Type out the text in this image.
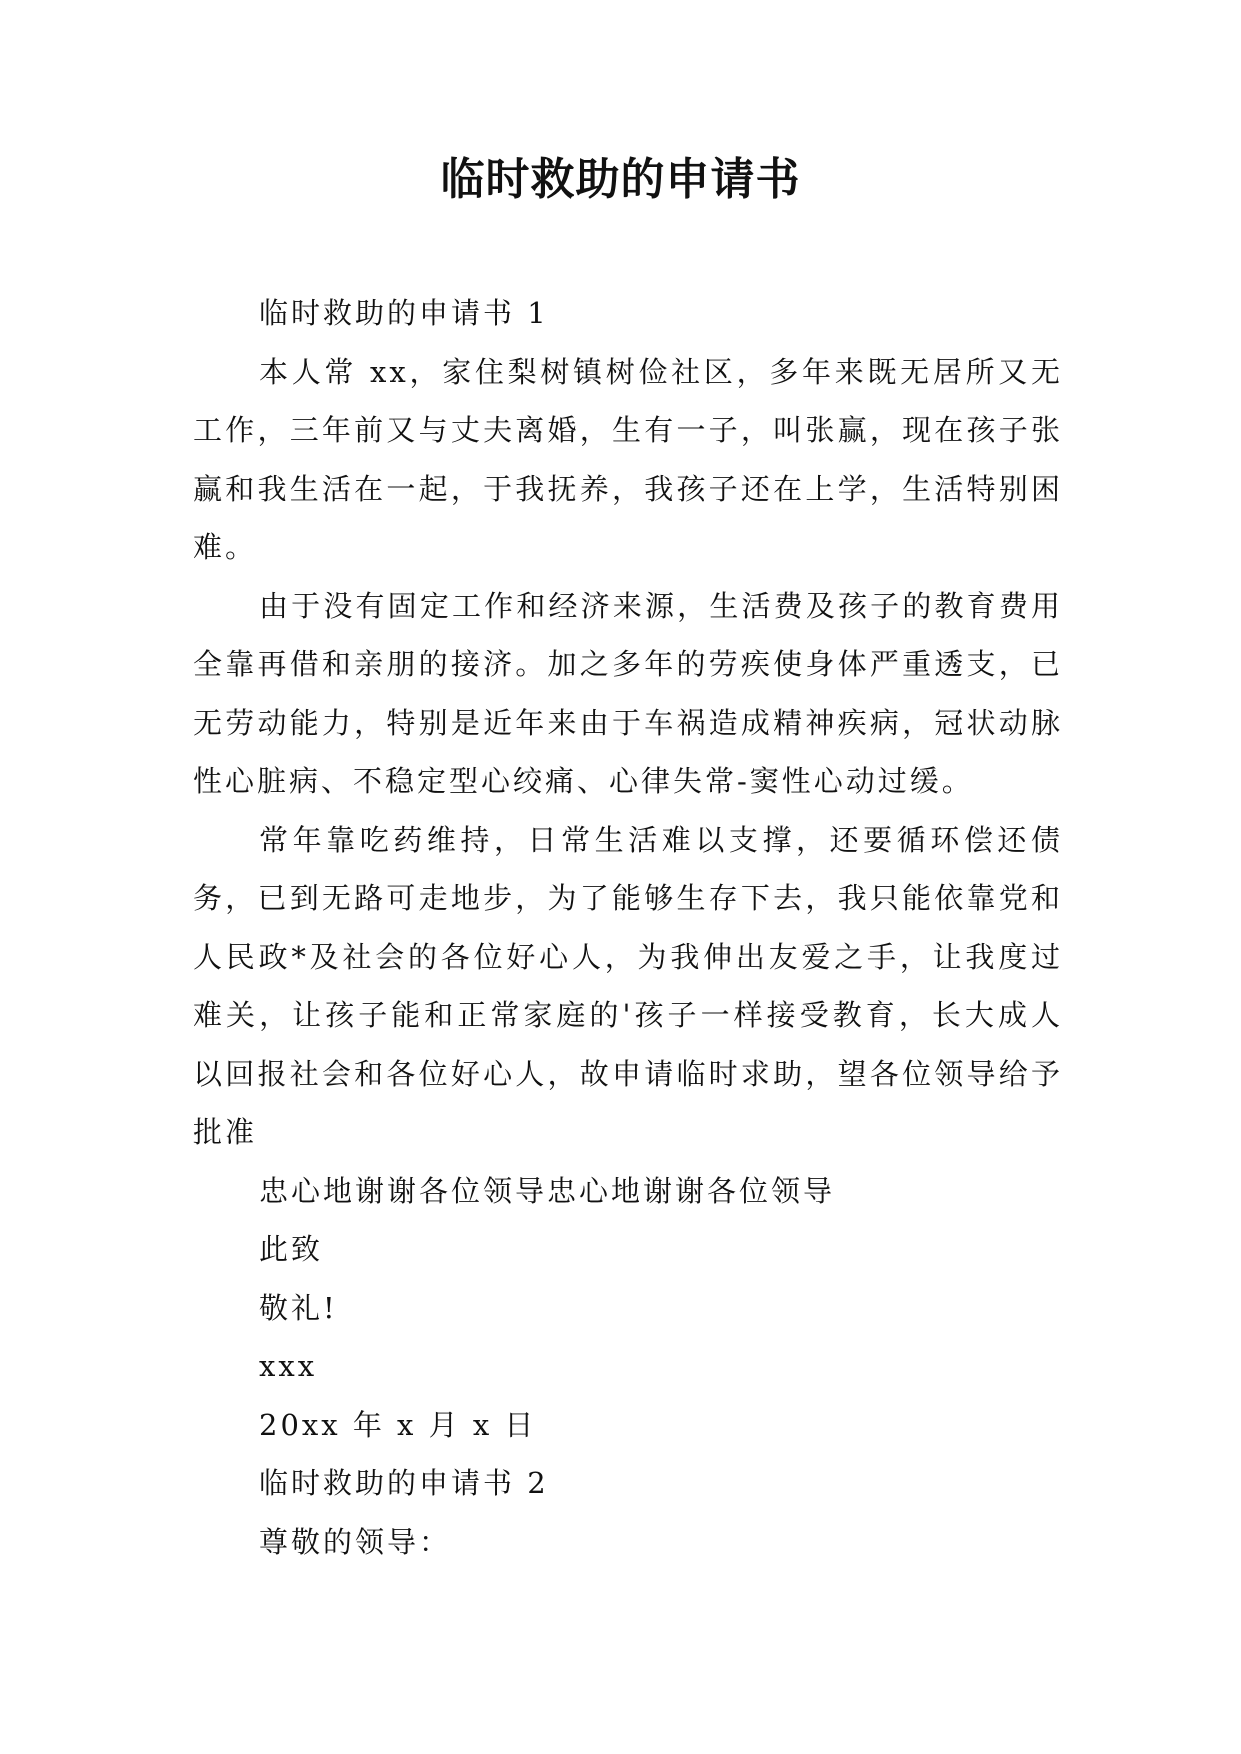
临时救助的申请书

临时救助的申请书 1

本人常 xx，家住梨树镇树俭社区，多年来既无居所又无工作，三年前又与丈夫离婚，生有一子，叫张赢，现在孩子张赢和我生活在一起，于我抚养，我孩子还在上学，生活特别困难。

由于没有固定工作和经济来源，生活费及孩子的教育费用全靠再借和亲朋的接济。加之多年的劳疾使身体严重透支，已无劳动能力，特别是近年来由于车祸造成精神疾病，冠状动脉性心脏病、不稳定型心绞痛、心律失常-窦性心动过缓。

常年靠吃药维持，日常生活难以支撑，还要循环偿还债务，已到无路可走地步，为了能够生存下去，我只能依靠党和人民政*及社会的各位好心人，为我伸出友爱之手，让我度过难关，让孩子能和正常家庭的'孩子一样接受教育，长大成人以回报社会和各位好心人，故申请临时求助，望各位领导给予批准

忠心地谢谢各位领导忠心地谢谢各位领导

此致

敬礼!

xxx

20xx 年 x 月 x 日

临时救助的申请书 2

尊敬的领导：
